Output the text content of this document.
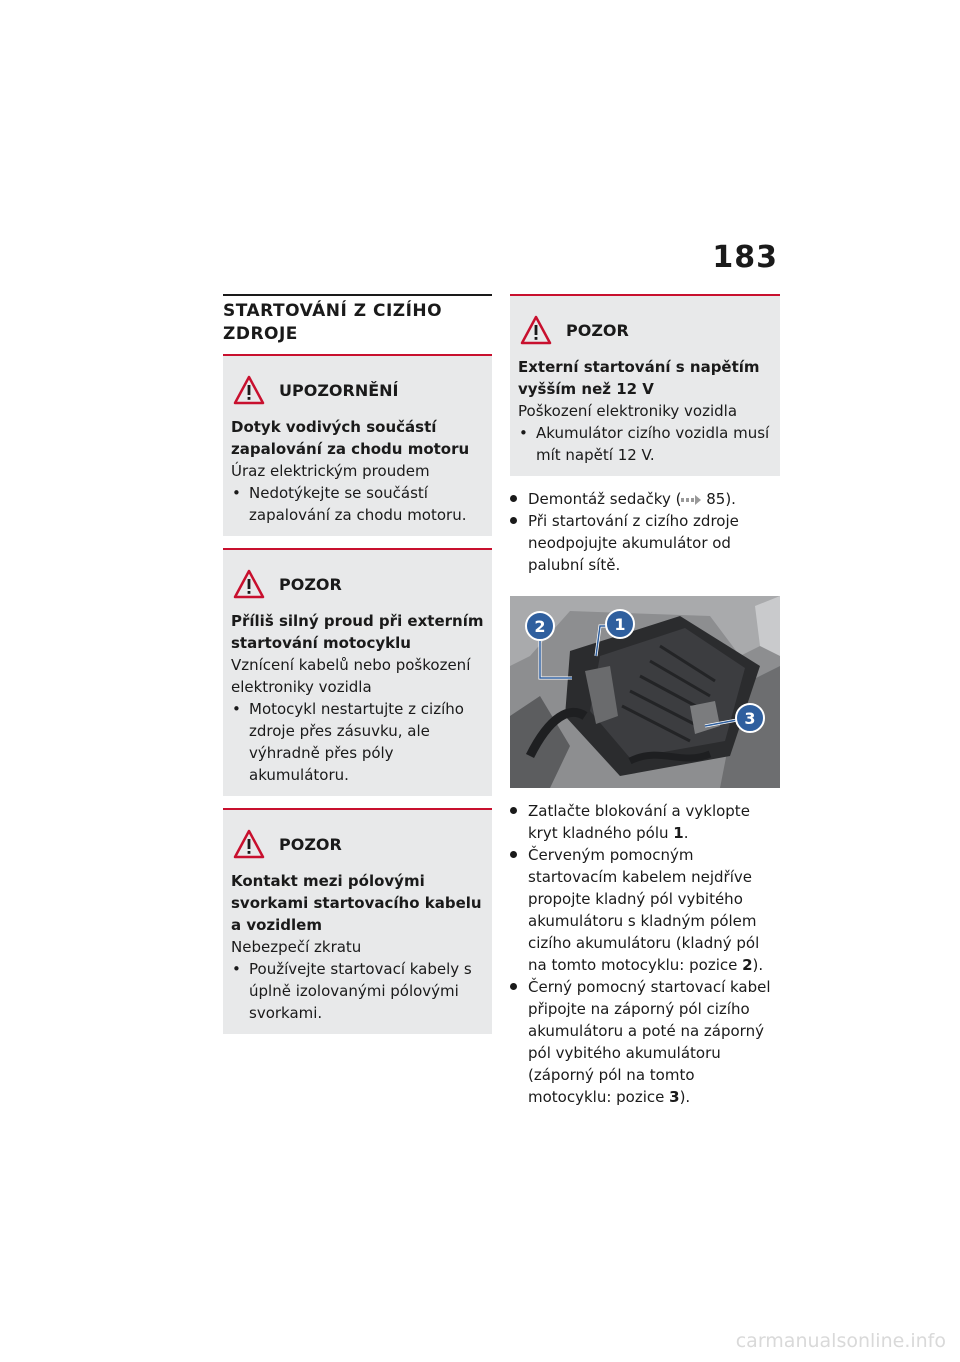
183
STARTOVÁNÍ Z CIZÍHO ZDROJE
UPOZORNĚNÍ
Dotyk vodivých součástí zapalování za chodu motoru
Úraz elektrickým proudem
• Nedotýkejte se součástí zapalování za chodu motoru.
POZOR
Příliš silný proud při externím startování motocyklu
Vznícení kabelů nebo poškození elektroniky vozidla
• Motocykl nestartujte z cizího zdroje přes zásuvku, ale výhradně přes póly akumulátoru.
POZOR
Kontakt mezi pólovými svorkami startovacího kabelu a vozidlem
Nebezpečí zkratu
• Používejte startovací kabely s úplně izolovanými pólovými svorkami.
POZOR
Externí startování s napětím vyšším než 12 V
Poškození elektroniky vozidla
• Akumulátor cizího vozidla musí mít napětí 12 V.
Demontáž sedačky ( 85).
Při startování z cizího zdroje neodpojujte akumulátor od palubní sítě.
2	1
3
Zatlačte blokování a vyklopte kryt kladného pólu 1.
Červeným pomocným startovacím kabelem nejdříve propojte kladný pól vybitého akumulátoru s kladným pólem cizího akumulátoru (kladný pól na tomto motocyklu: pozice 2).
Černý pomocný startovací kabel připojte na záporný pól cizího akumulátoru a poté na záporný pól vybitého akumulátoru (záporný pól na tomto motocyklu: pozice 3).
carmanualsonline.info
